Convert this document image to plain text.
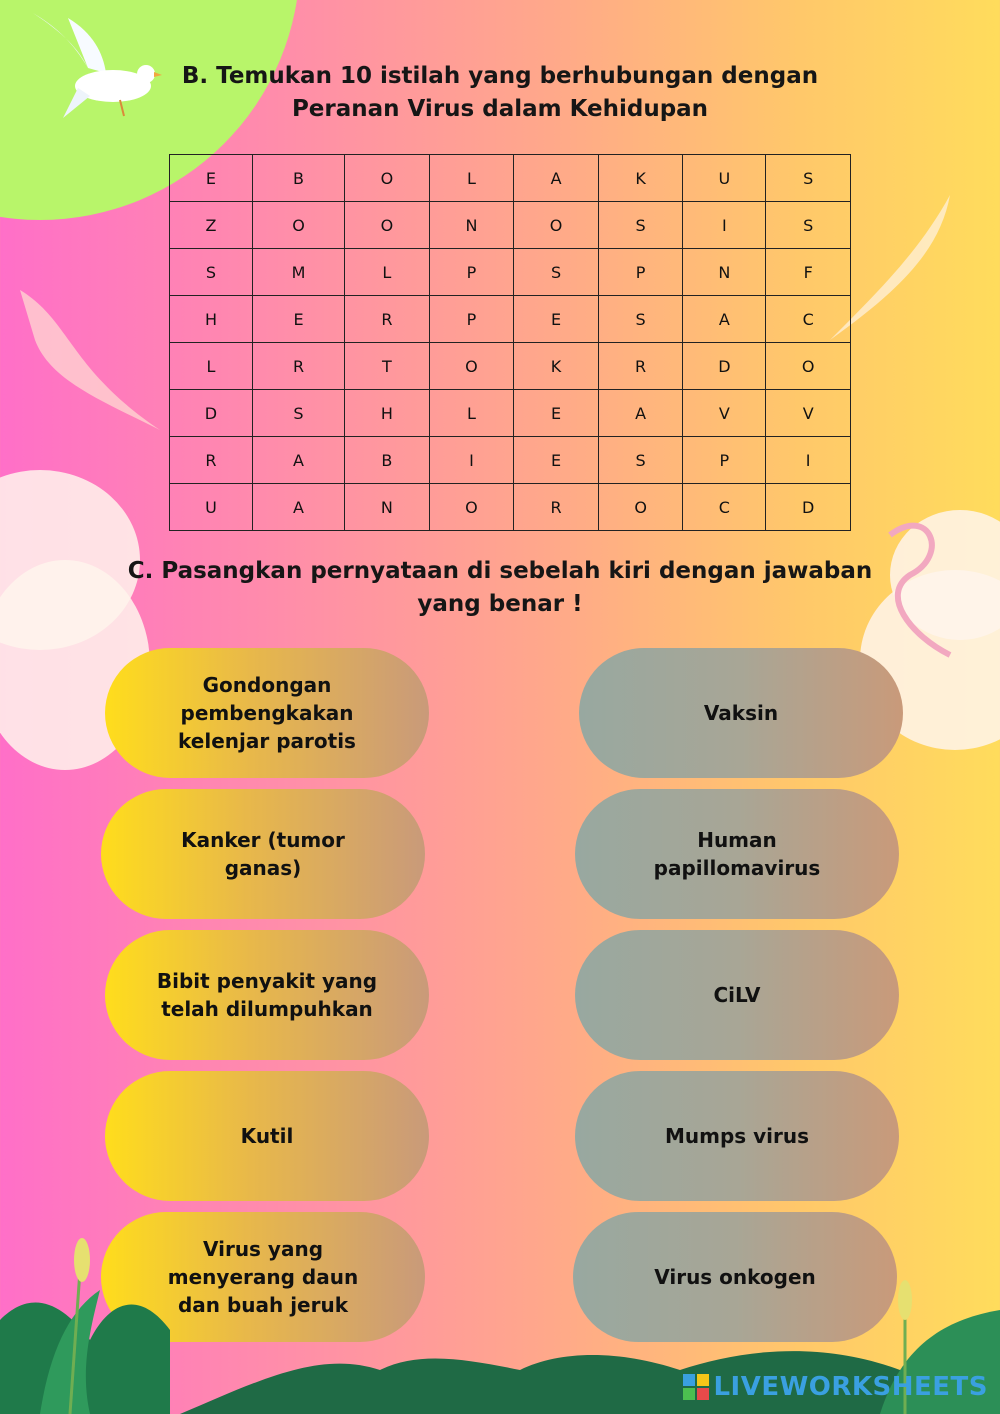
B. Temukan 10 istilah yang berhubungan dengan
Peranan Virus dalam Kehidupan
E	B	O	L	A	K	U	S
Z	O	O	N	O	S	I	S
S	M	L	P	S	P	N	F
H	E	R	P	E	S	A	C
L	R	T	O	K	R	D	O
D	S	H	L	E	A	V	V
R	A	B	I	E	S	P	I
U	A	N	O	R	O	C	D
C. Pasangkan pernyataan di sebelah kiri dengan jawaban
yang benar !
Gondongan
pembengkakan
kelenjar parotis
Kanker (tumor
ganas)
Bibit penyakit yang
telah dilumpuhkan
Kutil
Virus yang
menyerang daun
dan buah jeruk
Vaksin
Human
papillomavirus
CiLV
Mumps virus
Virus onkogen
LIVEWORKSHEETS
